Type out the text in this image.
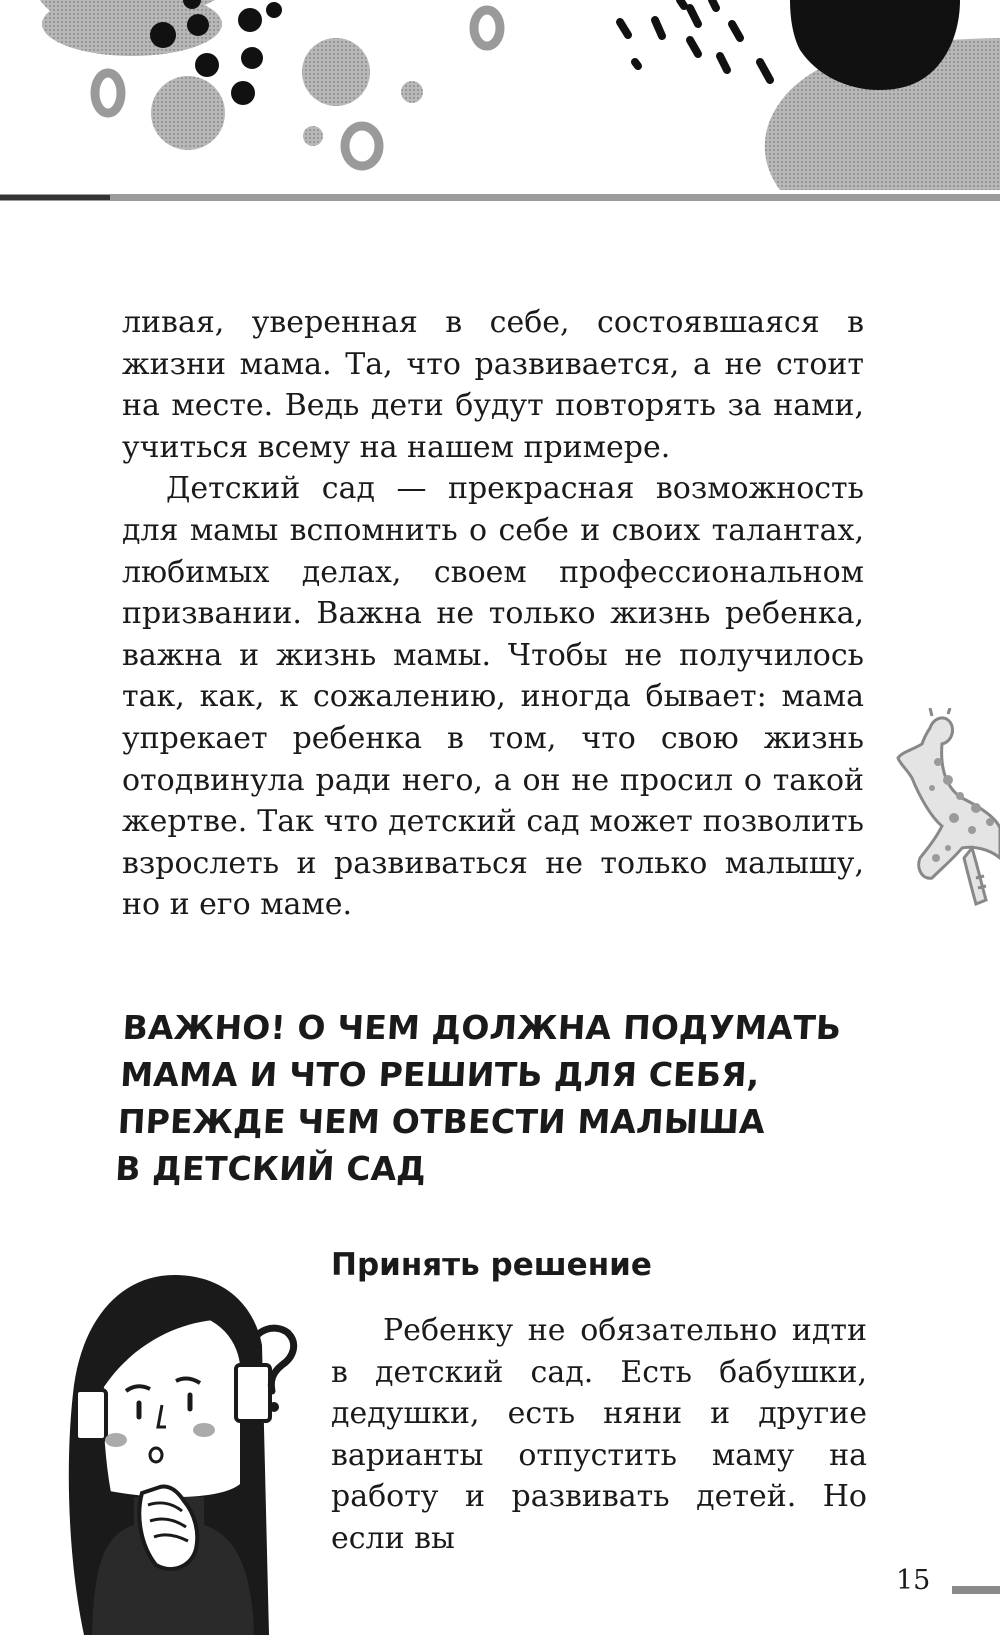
ливая, уверенная в себе, состоявшаяся в жизни мама. Та, что развивается, а не стоит на месте. Ведь дети будут повторять за нами, учиться всему на нашем примере.

Детский сад — прекрасная возможность для мамы вспомнить о себе и своих талантах, любимых делах, своем профессиональном призвании. Важна не только жизнь ребенка, важна и жизнь мамы. Чтобы не получилось так, как, к сожалению, иногда бывает: мама упрекает ребенка в том, что свою жизнь отодвинула ради него, а он не просил о такой жертве. Так что детский сад может позволить взрослеть и развиваться не только малышу, но и его маме.

ВАЖНО! О ЧЕМ ДОЛЖНА ПОДУМАТЬ
МАМА И ЧТО РЕШИТЬ ДЛЯ СЕБЯ,
ПРЕЖДЕ ЧЕМ ОТВЕСТИ МАЛЫША
В ДЕТСКИЙ САД
Принять решение

Ребенку не обязательно идти в детский сад. Есть бабушки, дедушки, есть няни и другие варианты отпустить маму на работу и развивать детей. Но если вы

15
